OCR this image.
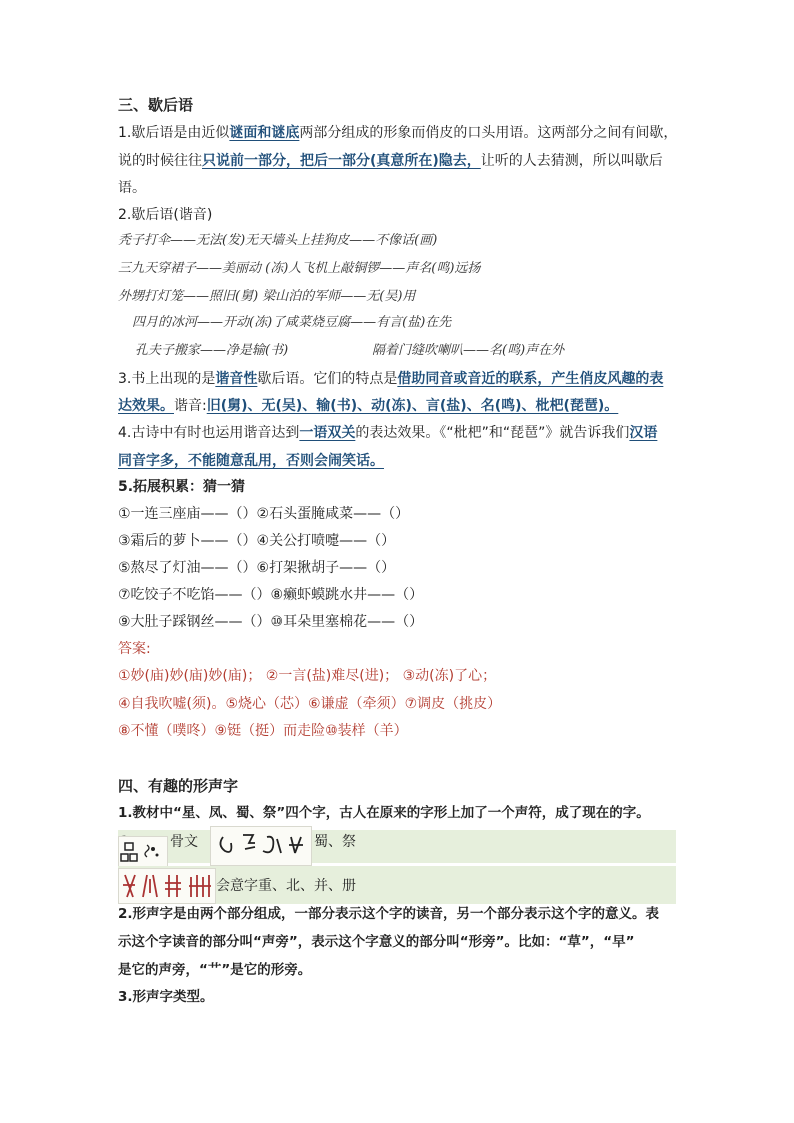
三、歇后语
1.歇后语是由近似谜面和谜底两部分组成的形象而俏皮的口头用语。这两部分之间有间歇，
说的时候往往只说前一部分，把后一部分(真意所在)隐去，让听的人去猜测，所以叫歇后
语。
2.歇后语(谐音)
秃子打伞——无法(发)无天墙头上挂狗皮——不像话(画)
三九天穿裙子——美丽动 (冻)人飞机上敲铜锣——声名(鸣)远扬
外甥打灯笼——照旧(舅) 梁山泊的军师——无(吴)用
四月的冰河——开动(冻)了咸菜烧豆腐——有言(盐)在先
孔夫子搬家——净是输(书)	隔着门缝吹喇叭——名(鸣)声在外
3.书上出现的是谐音性歇后语。它们的特点是借助同音或音近的联系，产生俏皮风趣的表
达效果。谐音:旧(舅)、无(吴)、输(书)、动(冻)、言(盐)、名(鸣)、枇杷(琵琶)。
4.古诗中有时也运用谐音达到一语双关的表达效果。《“枇杷”和“琵琶”》就告诉我们汉语
同音字多，不能随意乱用，否则会闹笑话。
5.拓展积累：猜一猜
①一连三座庙——（）②石头蛋腌咸菜——（）
③霜后的萝卜——（）④关公打喷嚏——（）
⑤熬尽了灯油——（）⑥打架揪胡子——（）
⑦吃饺子不吃馅——（）⑧癞虾蟆跳水井——（）
⑨大肚子踩钢丝——（）⑩耳朵里塞棉花——（）
答案:
①妙(庙)妙(庙)妙(庙)； ②一言(盐)难尽(进)； ③动(冻)了心；
④自我吹嘘(须)。⑤烧心（芯）⑥谦虚（牵须）⑦调皮（挑皮）
⑧不懂（噗咚）⑨铤（挺）而走险⑩装样（羊）
四、有趣的形声字
1.教材中“星、凤、蜀、祭”四个字，古人在原来的字形上加了一个声符，成了现在的字。
骨文	蜀、祭
会意字重、北、并、册
2.形声字是由两个部分组成，一部分表示这个字的读音，另一个部分表示这个字的意义。表
示这个字读音的部分叫“声旁”，表示这个字意义的部分叫“形旁”。比如：“草”，“早”
是它的声旁，“艹”是它的形旁。
3.形声字类型。
